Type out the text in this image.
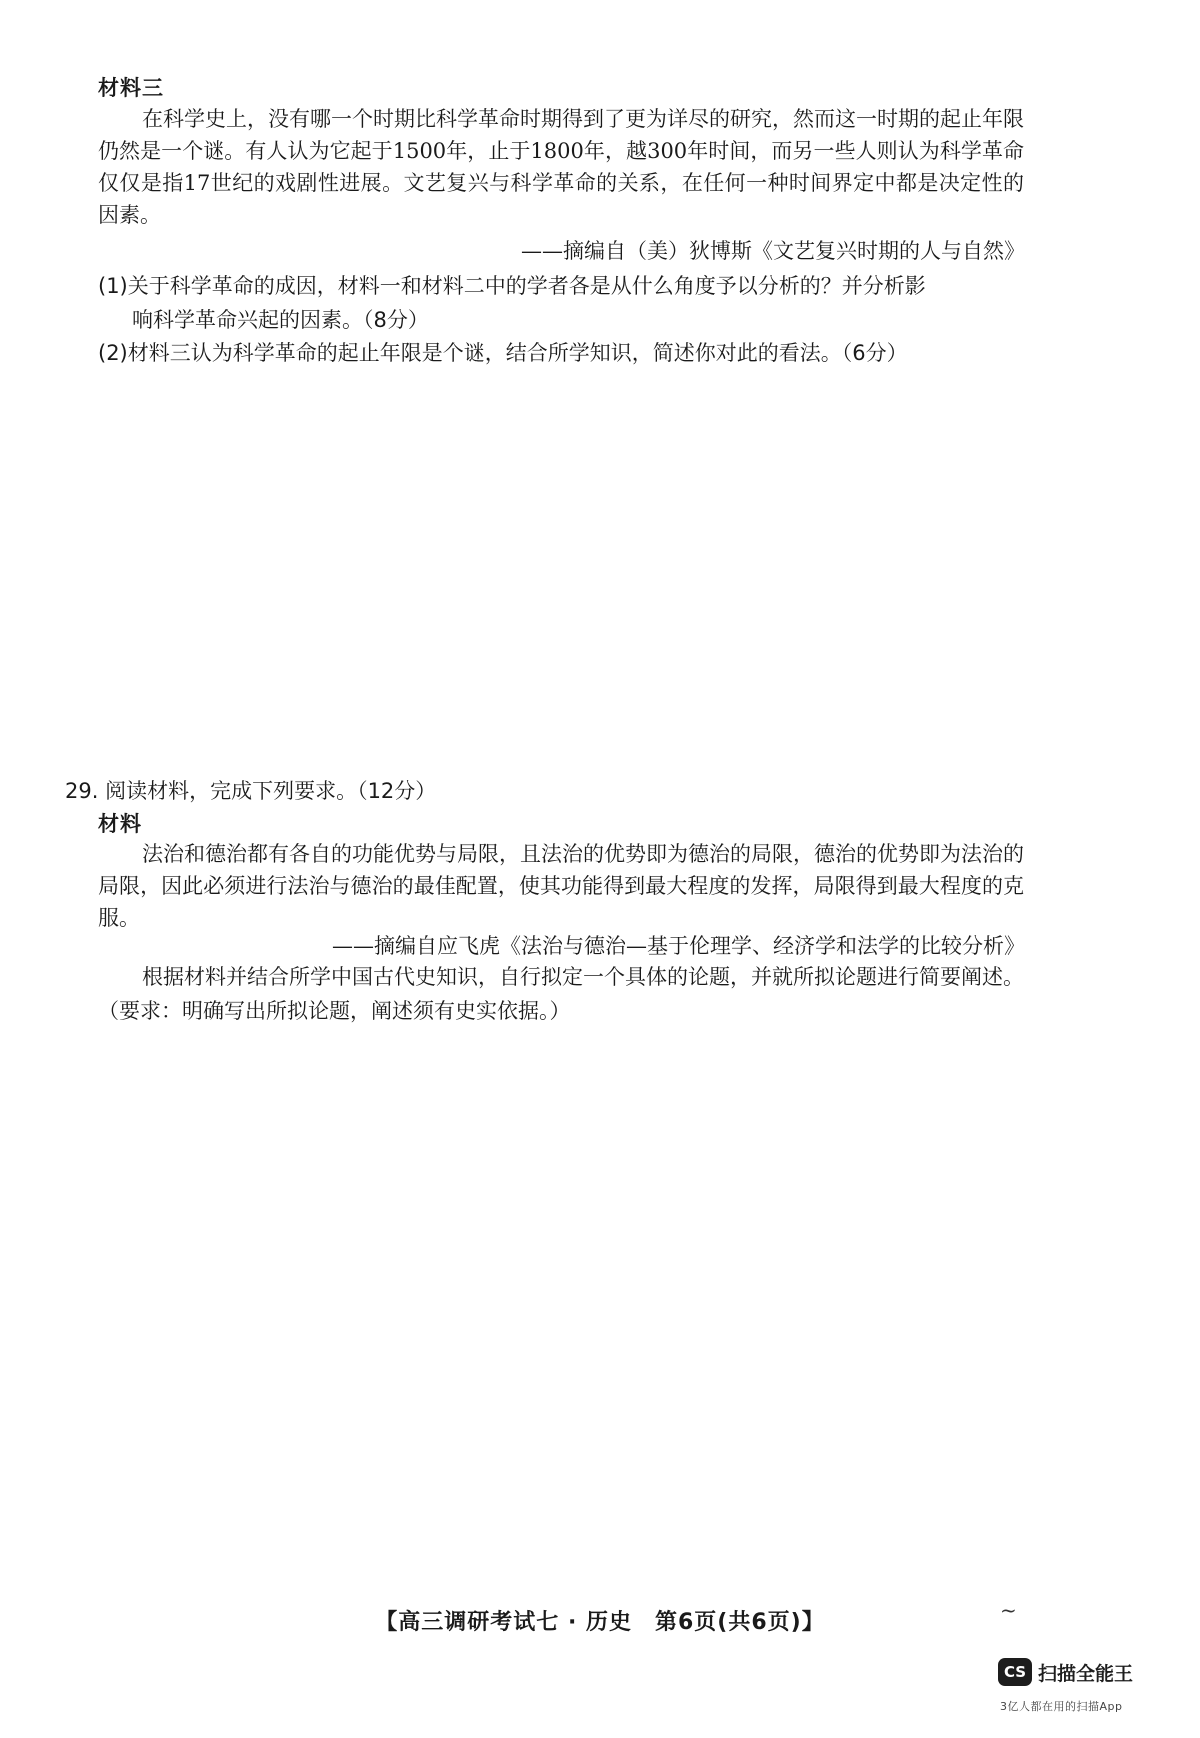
材料三
在科学史上，没有哪一个时期比科学革命时期得到了更为详尽的研究，然而这一时期的起止年限仍然是一个谜。有人认为它起于1500年，止于1800年，越300年时间，而另一些人则认为科学革命仅仅是指17世纪的戏剧性进展。文艺复兴与科学革命的关系，在任何一种时间界定中都是决定性的因素。
——摘编自（美）狄博斯《文艺复兴时期的人与自然》
(1)关于科学革命的成因，材料一和材料二中的学者各是从什么角度予以分析的？并分析影
响科学革命兴起的因素。（8分）
(2)材料三认为科学革命的起止年限是个谜，结合所学知识，简述你对此的看法。（6分）
29. 阅读材料，完成下列要求。（12分）
材料
法治和德治都有各自的功能优势与局限，且法治的优势即为德治的局限，德治的优势即为法治的局限，因此必须进行法治与德治的最佳配置，使其功能得到最大程度的发挥，局限得到最大程度的克服。
——摘编自应飞虎《法治与德治—基于伦理学、经济学和法学的比较分析》
根据材料并结合所学中国古代史知识，自行拟定一个具体的论题，并就所拟论题进行简要阐述。（要求：明确写出所拟论题，阐述须有史实依据。）
【高三调研考试七 · 历史　第6页(共6页)】	~
CS 扫描全能王
3亿人都在用的扫描App
